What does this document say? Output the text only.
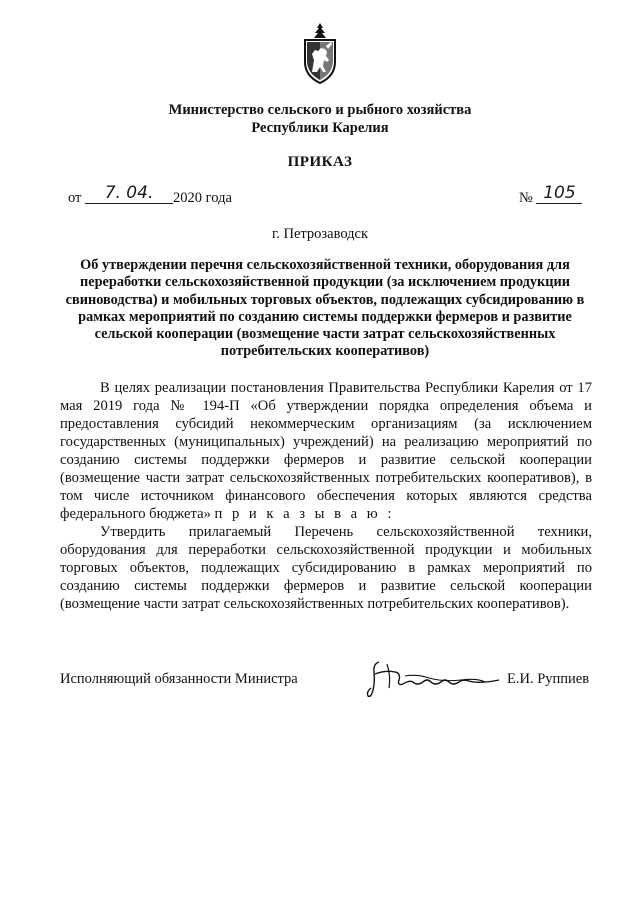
Министерство сельского и рыбного хозяйства
Республики Карелия
ПРИКАЗ
от 7. 04. 2020 года	№ 105
г. Петрозаводск
Об утверждении перечня сельскохозяйственной техники, оборудования для переработки сельскохозяйственной продукции (за исключением продукции свиноводства) и мобильных торговых объектов, подлежащих субсидированию в рамках мероприятий по созданию системы поддержки фермеров и развитие сельской кооперации (возмещение части затрат сельскохозяйственных потребительских кооперативов)

В целях реализации постановления Правительства Республики Карелия от 17 мая 2019 года № 194-П «Об утверждении порядка определения объема и предоставления субсидий некоммерческим организациям (за исключением государственных (муниципальных) учреждений) на реализацию мероприятий по созданию системы поддержки фермеров и развитие сельской кооперации (возмещение части затрат сельскохозяйственных потребительских кооперативов), в том числе источником финансового обеспечения которых являются средства федерального бюджета» п р и к а з ы в а ю :

Утвердить прилагаемый Перечень сельскохозяйственной техники, оборудования для переработки сельскохозяйственной продукции и мобильных торговых объектов, подлежащих субсидированию в рамках мероприятий по созданию системы поддержки фермеров и развитие сельской кооперации (возмещение части затрат сельскохозяйственных потребительских кооперативов).

Исполняющий обязанности Министра	Е.И. Руппиев
